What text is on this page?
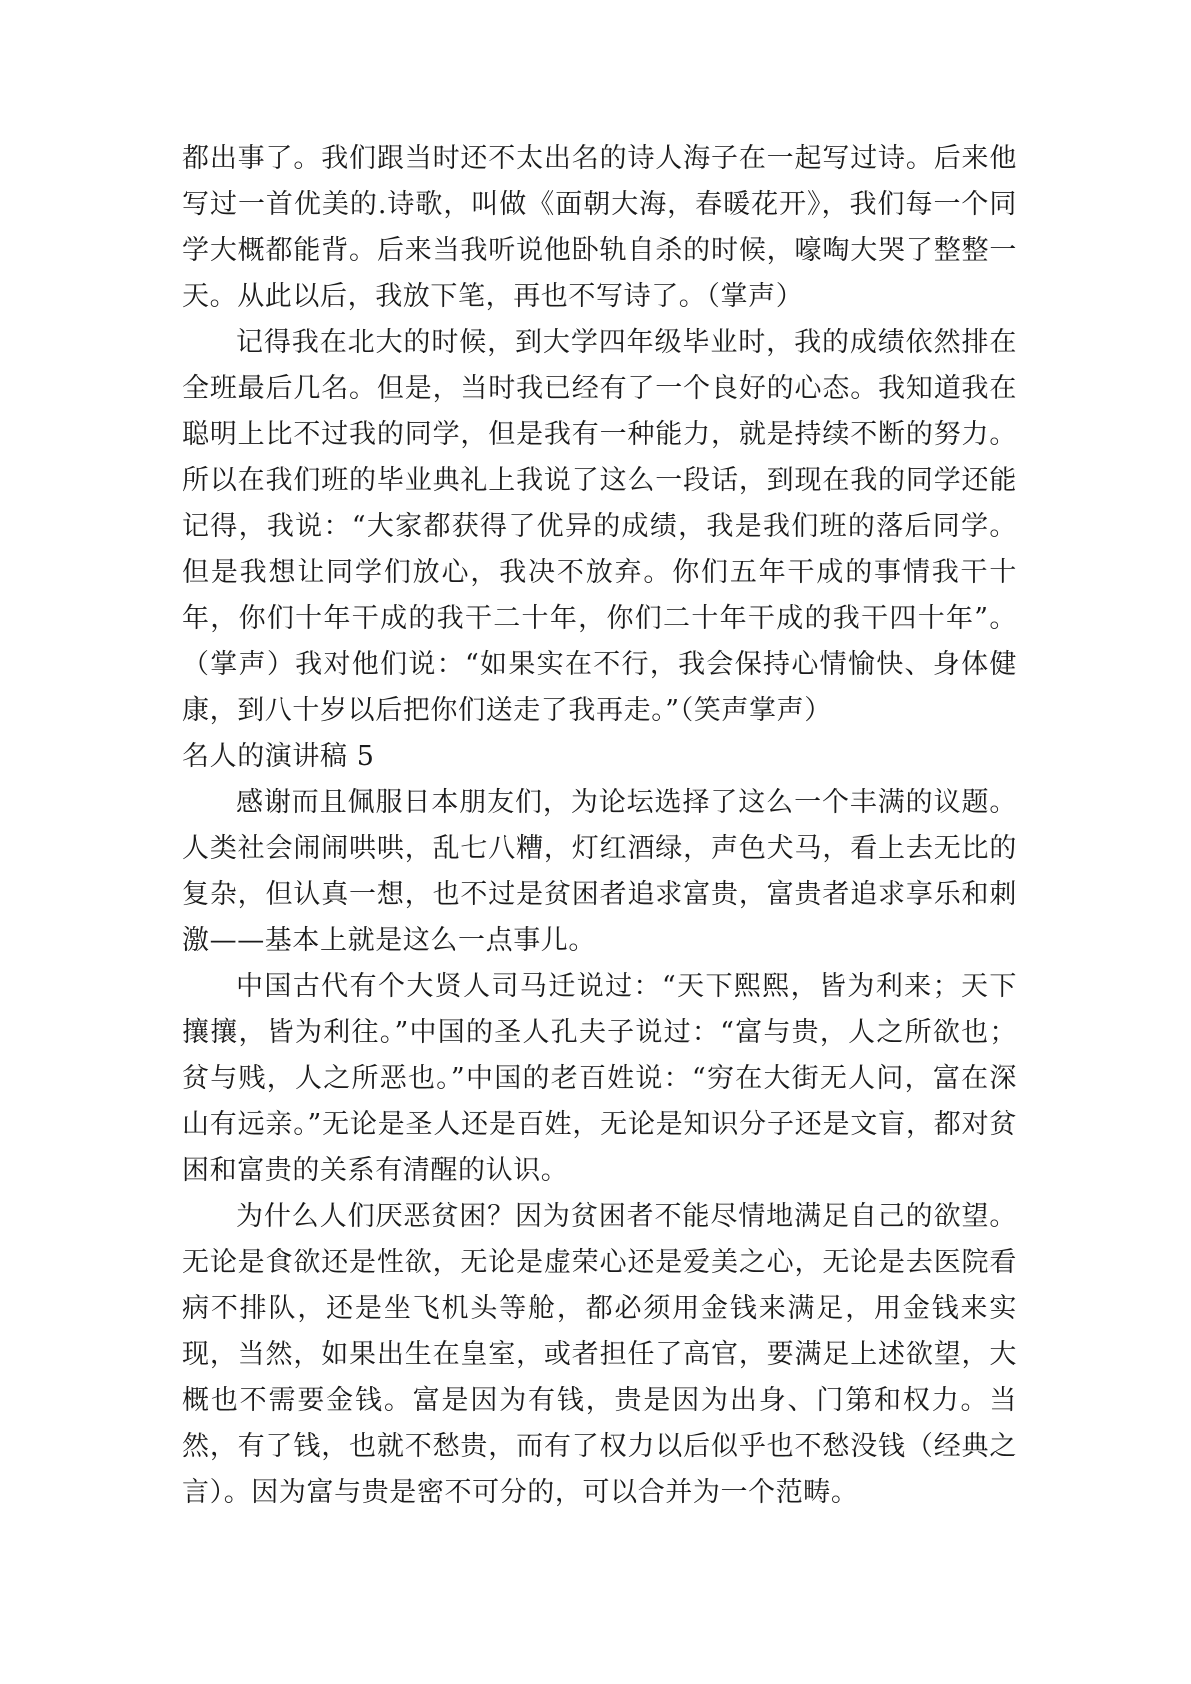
都出事了。我们跟当时还不太出名的诗人海子在一起写过诗。后来他写过一首优美的.诗歌，叫做《面朝大海，春暖花开》，我们每一个同学大概都能背。后来当我听说他卧轨自杀的时候，嚎啕大哭了整整一天。从此以后，我放下笔，再也不写诗了。（掌声）

记得我在北大的时候，到大学四年级毕业时，我的成绩依然排在全班最后几名。但是，当时我已经有了一个良好的心态。我知道我在聪明上比不过我的同学，但是我有一种能力，就是持续不断的努力。所以在我们班的毕业典礼上我说了这么一段话，到现在我的同学还能记得，我说：“大家都获得了优异的成绩，我是我们班的落后同学。但是我想让同学们放心，我决不放弃。你们五年干成的事情我干十年，你们十年干成的我干二十年，你们二十年干成的我干四十年”。（掌声）我对他们说：“如果实在不行，我会保持心情愉快、身体健康，到八十岁以后把你们送走了我再走。”（笑声掌声）

名人的演讲稿 5

感谢而且佩服日本朋友们，为论坛选择了这么一个丰满的议题。人类社会闹闹哄哄，乱七八糟，灯红酒绿，声色犬马，看上去无比的复杂，但认真一想，也不过是贫困者追求富贵，富贵者追求享乐和刺激——基本上就是这么一点事儿。

中国古代有个大贤人司马迁说过：“天下熙熙，皆为利来；天下攘攘，皆为利往。”中国的圣人孔夫子说过：“富与贵，人之所欲也；贫与贱，人之所恶也。”中国的老百姓说：“穷在大街无人问，富在深山有远亲。”无论是圣人还是百姓，无论是知识分子还是文盲，都对贫困和富贵的关系有清醒的认识。

为什么人们厌恶贫困？因为贫困者不能尽情地满足自己的欲望。无论是食欲还是性欲，无论是虚荣心还是爱美之心，无论是去医院看病不排队，还是坐飞机头等舱，都必须用金钱来满足，用金钱来实现，当然，如果出生在皇室，或者担任了高官，要满足上述欲望，大概也不需要金钱。富是因为有钱，贵是因为出身、门第和权力。当然，有了钱，也就不愁贵，而有了权力以后似乎也不愁没钱（经典之言）。因为富与贵是密不可分的，可以合并为一个范畴。
